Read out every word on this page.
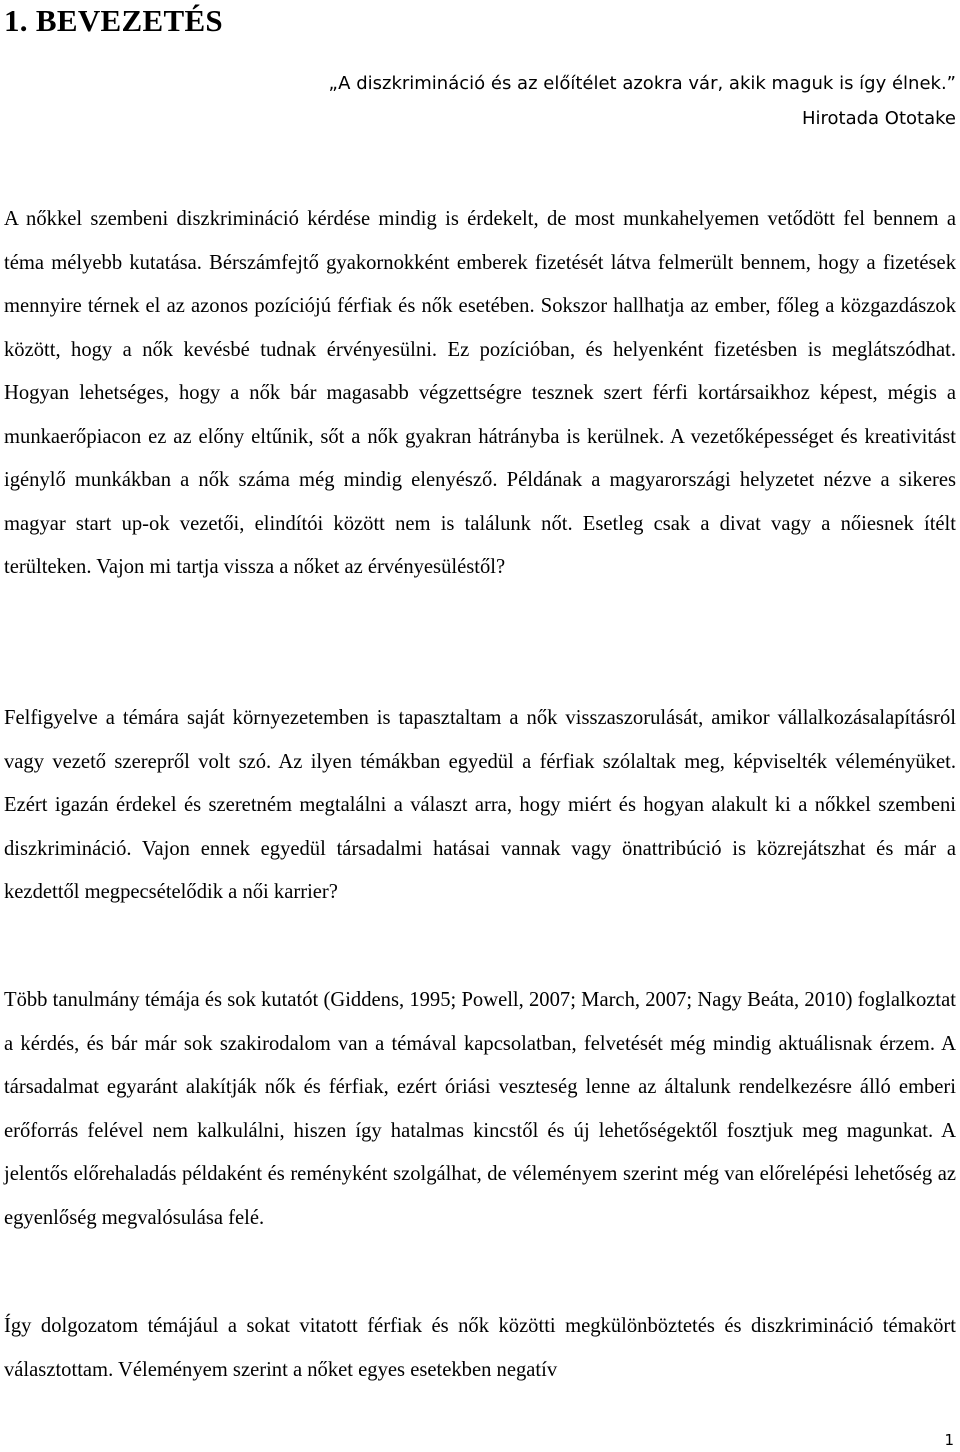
1. BEVEZETÉS
„A diszkrimináció és az előítélet azokra vár, akik maguk is így élnek.”
Hirotada Ototake

A nőkkel szembeni diszkrimináció kérdése mindig is érdekelt, de most munkahelyemen vetődött fel bennem a téma mélyebb kutatása. Bérszámfejtő gyakornokként emberek fizetését látva felmerült bennem, hogy a fizetések mennyire térnek el az azonos pozíciójú férfiak és nők esetében. Sokszor hallhatja az ember, főleg a közgazdászok között, hogy a nők kevésbé tudnak érvényesülni. Ez pozícióban, és helyenként fizetésben is meglátszódhat. Hogyan lehetséges, hogy a nők bár magasabb végzettségre tesznek szert férfi kortársaikhoz képest, mégis a munkaerőpiacon ez az előny eltűnik, sőt a nők gyakran hátrányba is kerülnek. A vezetőképességet és kreativitást igénylő munkákban a nők száma még mindig elenyésző. Példának a magyarországi helyzetet nézve a sikeres magyar start up-ok vezetői, elindítói között nem is találunk nőt. Esetleg csak a divat vagy a nőiesnek ítélt terülteken. Vajon mi tartja vissza a nőket az érvényesüléstől?

Felfigyelve a témára saját környezetemben is tapasztaltam a nők visszaszorulását, amikor vállalkozásalapításról vagy vezető szerepről volt szó. Az ilyen témákban egyedül a férfiak szólaltak meg, képviselték véleményüket. Ezért igazán érdekel és szeretném megtalálni a választ arra, hogy miért és hogyan alakult ki a nőkkel szembeni diszkrimináció. Vajon ennek egyedül társadalmi hatásai vannak vagy önattribúció is közrejátszhat és már a kezdettől megpecsételődik a női karrier?

Több tanulmány témája és sok kutatót (Giddens, 1995; Powell, 2007; March, 2007; Nagy Beáta, 2010) foglalkoztat a kérdés, és bár már sok szakirodalom van a témával kapcsolatban, felvetését még mindig aktuálisnak érzem. A társadalmat egyaránt alakítják nők és férfiak, ezért óriási veszteség lenne az általunk rendelkezésre álló emberi erőforrás felével nem kalkulálni, hiszen így hatalmas kincstől és új lehetőségektől fosztjuk meg magunkat. A jelentős előrehaladás példaként és reményként szolgálhat, de véleményem szerint még van előrelépési lehetőség az egyenlőség megvalósulása felé.

Így dolgozatom témájául a sokat vitatott férfiak és nők közötti megkülönböztetés és diszkrimináció témakört választottam. Véleményem szerint a nőket egyes esetekben negatív

1
